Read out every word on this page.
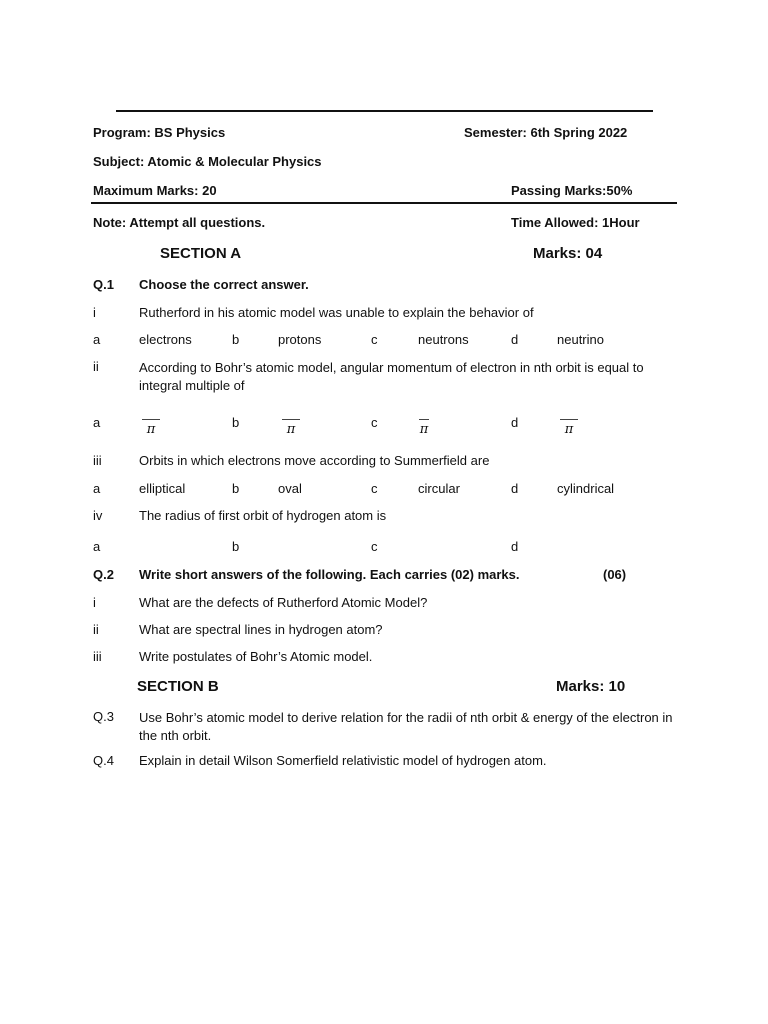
Program: BS Physics	Semester: 6th Spring 2022
Subject: Atomic & Molecular Physics
Maximum Marks: 20	Passing Marks:50%
Note: Attempt all questions.	Time Allowed: 1Hour
SECTION A	Marks: 04
Q.1 Choose the correct answer.
i	Rutherford in his atomic model was unable to explain the behavior of
a	electrons	b	protons	c	neutrons	d	neutrino
ii	According to Bohr’s atomic model, angular momentum of electron in nth orbit is equal to integral multiple of
a	π	b	π	c	π	d	π
iii	Orbits in which electrons move according to Summerfield are
a	elliptical	b	oval	c	circular	d	cylindrical
iv	The radius of first orbit of hydrogen atom is
a	b	c	d
Q.2 Write short answers of the following. Each carries (02) marks.	(06)
i	What are the defects of Rutherford Atomic Model?
ii	What are spectral lines in hydrogen atom?
iii	Write postulates of Bohr’s Atomic model.
SECTION B	Marks: 10
Q.3 Use Bohr’s atomic model to derive relation for the radii of nth orbit & energy of the electron in the nth orbit.
Q.4 Explain in detail Wilson Somerfield relativistic model of hydrogen atom.
